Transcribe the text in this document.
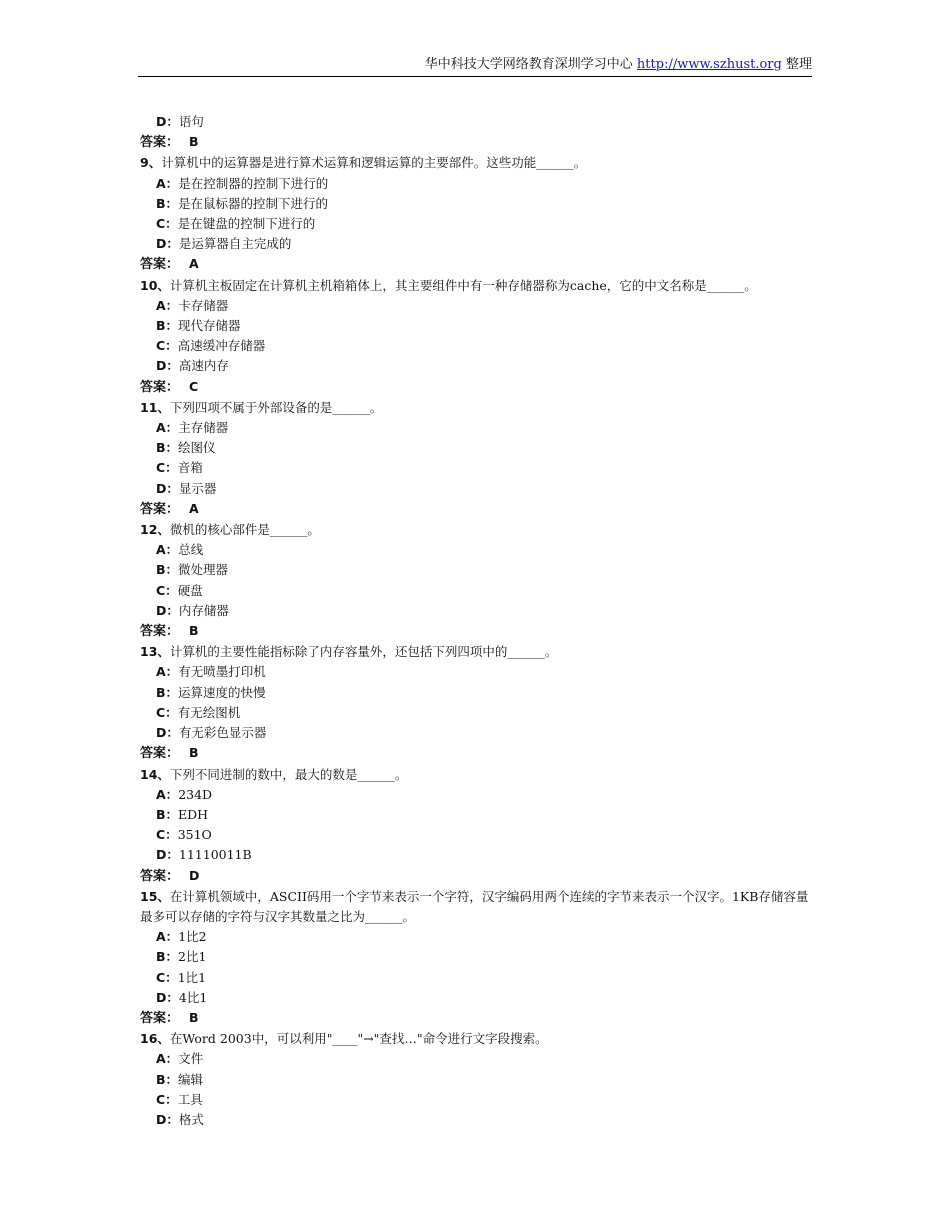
华中科技大学网络教育深圳学习中心 http://www.szhust.org 整理
D：语句
答案： B
9、计算机中的运算器是进行算术运算和逻辑运算的主要部件。这些功能______。
A：是在控制器的控制下进行的
B：是在鼠标器的控制下进行的
C：是在键盘的控制下进行的
D：是运算器自主完成的
答案： A
10、计算机主板固定在计算机主机箱箱体上，其主要组件中有一种存储器称为cache，它的中文名称是______。
A：卡存储器
B：现代存储器
C：高速缓冲存储器
D：高速内存
答案： C
11、下列四项不属于外部设备的是______。
A：主存储器
B：绘图仪
C：音箱
D：显示器
答案： A
12、微机的核心部件是______。
A：总线
B：微处理器
C：硬盘
D：内存储器
答案： B
13、计算机的主要性能指标除了内存容量外，还包括下列四项中的______。
A：有无喷墨打印机
B：运算速度的快慢
C：有无绘图机
D：有无彩色显示器
答案： B
14、下列不同进制的数中，最大的数是______。
A：234D
B：EDH
C：351O
D：11110011B
答案： D
15、在计算机领域中，ASCII码用一个字节来表示一个字符，汉字编码用两个连续的字节来表示一个汉字。1KB存储容量最多可以存储的字符与汉字其数量之比为______。
A：1比2
B：2比1
C：1比1
D：4比1
答案： B
16、在Word 2003中，可以利用"____"→"查找…"命令进行文字段搜索。
A：文件
B：编辑
C：工具
D：格式
